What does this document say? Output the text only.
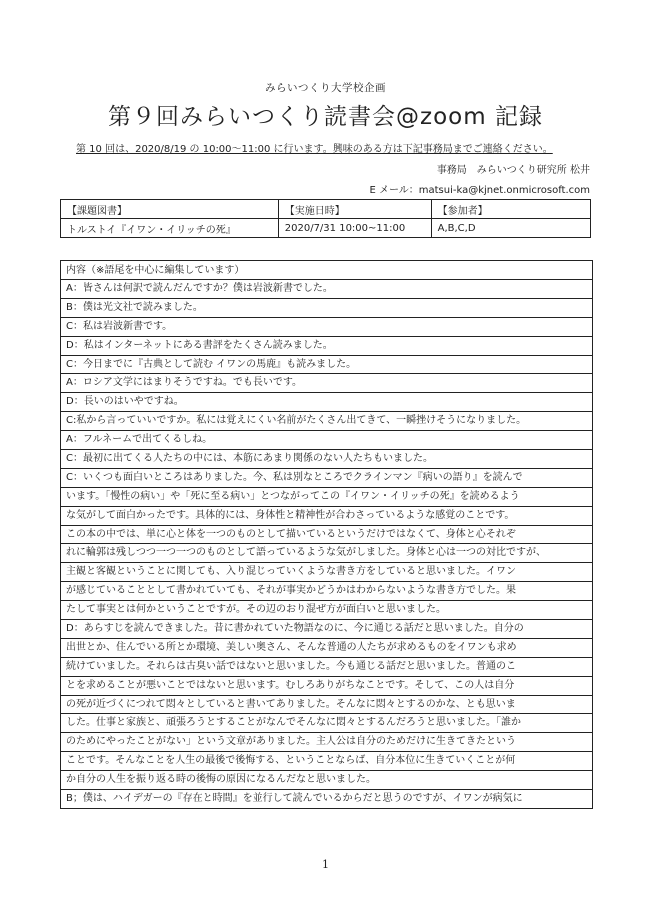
みらいつくり大学校企画
第９回みらいつくり読書会@zoom 記録
第 10 回は、2020/8/19 の 10:00～11:00 に行います。興味のある方は下記事務局までご連絡ください。
事務局　みらいつくり研究所 松井
E メール：matsui-ka@kjnet.onmicrosoft.com
【課題図書】	【実施日時】	【参加者】
トルストイ『イワン・イリッチの死』	2020/7/31 10:00~11:00	A,B,C,D
内容（※語尾を中心に編集しています）
A：皆さんは何訳で読んだんですか？僕は岩波新書でした。
B：僕は光文社で読みました。
C：私は岩波新書です。
D：私はインターネットにある書評をたくさん読みました。
C：今日までに『古典として読む イワンの馬鹿』も読みました。
A：ロシア文学にはまりそうですね。でも長いです。
D：長いのはいやですね。
C:私から言っていいですか。私には覚えにくい名前がたくさん出てきて、一瞬挫けそうになりました。
A：フルネームで出てくるしね。
C：最初に出てくる人たちの中には、本筋にあまり関係のない人たちもいました。
C：いくつも面白いところはありました。今、私は別なところでクラインマン『病いの語り』を読んで
います。「慢性の病い」や「死に至る病い」とつながってこの『イワン・イリッチの死』を読めるよう
な気がして面白かったです。具体的には、身体性と精神性が合わさっているような感覚のことです。
この本の中では、単に心と体を一つのものとして描いているというだけではなくて、身体と心それぞ
れに輪郭は残しつつ一つ一つのものとして語っているような気がしました。身体と心は一つの対比ですが、
主観と客観ということに関しても、入り混じっていくような書き方をしていると思いました。イワン
が感じていることとして書かれていても、それが事実かどうかはわからないような書き方でした。果
たして事実とは何かということですが。その辺のおり混ぜ方が面白いと思いました。
D：あらすじを読んできました。昔に書かれていた物語なのに、今に通じる話だと思いました。自分の
出世とか、住んでいる所とか環境、美しい奥さん、そんな普通の人たちが求めるものをイワンも求め
続けていました。それらは古臭い話ではないと思いました。今も通じる話だと思いました。普通のこ
とを求めることが悪いことではないと思います。むしろありがちなことです。そして、この人は自分
の死が近づくにつれて悶々としていると書いてありました。そんなに悶々とするのかな、とも思いま
した。仕事と家族と、頑張ろうとすることがなんでそんなに悶々とするんだろうと思いました。「誰か
のためにやったことがない」という文章がありました。主人公は自分のためだけに生きてきたという
ことです。そんなことを人生の最後で後悔する、ということならば、自分本位に生きていくことが何
か自分の人生を振り返る時の後悔の原因になるんだなと思いました。
B；僕は、ハイデガーの『存在と時間』を並行して読んでいるからだと思うのですが、イワンが病気に
1
